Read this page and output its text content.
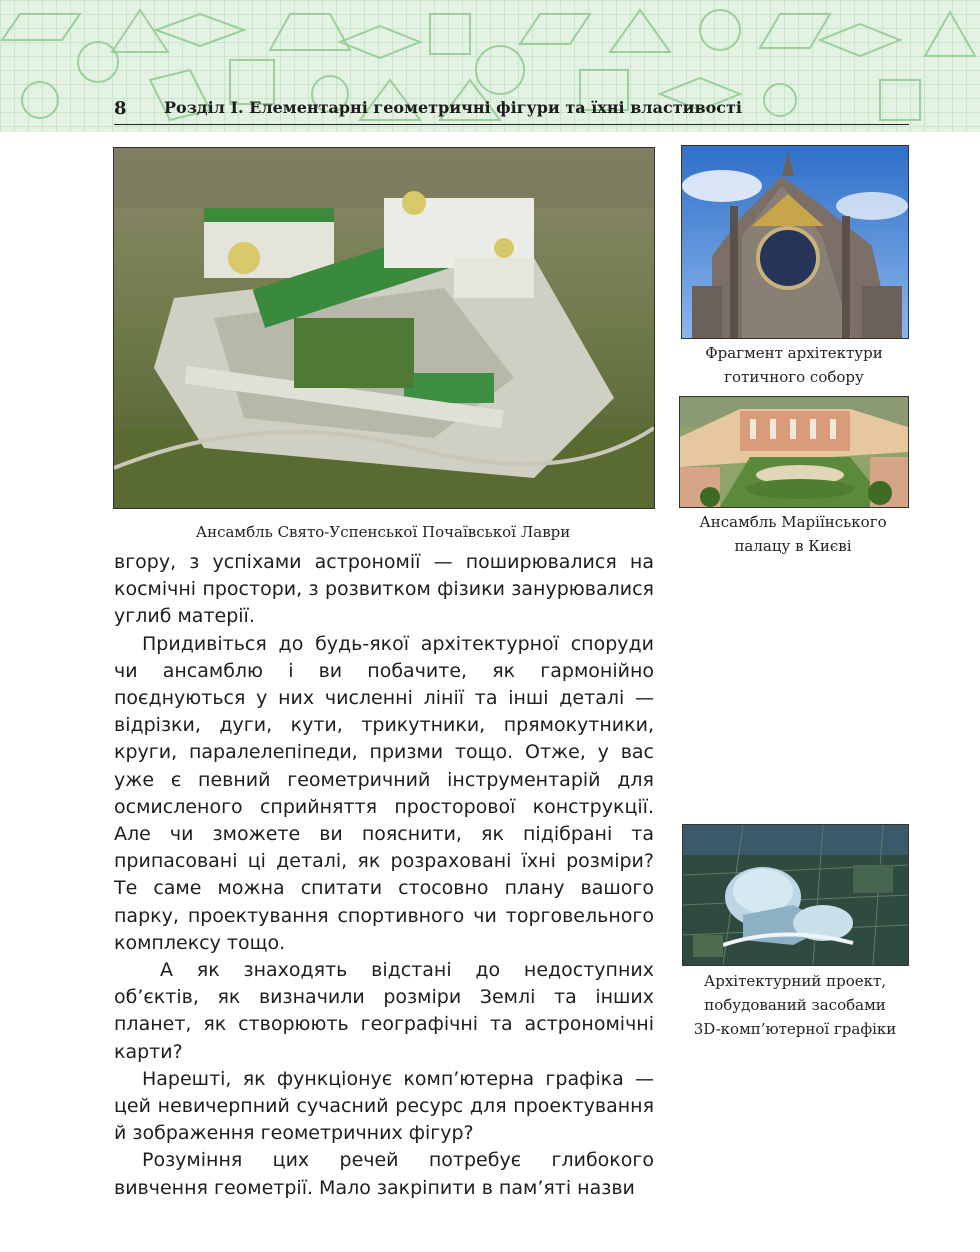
8 Розділ І. Елементарні геометричні фігури та їхні властивості
Ансамбль Свято-Успенської Почаївської Лаври
Фрагмент архітектури
готичного собору
Ансамбль Маріїнського
палацу в Києві
Архітектурний проект,
побудований засобами
3D-комп’ютерної графіки

вгору, з успіхами астрономії — поширювалися на космічні простори, з розвитком фізики занурювалися углиб матерії.

Придивіться до будь-якої архітектурної споруди чи ансамблю і ви побачите, як гармонійно поєднуються у них численні лінії та інші деталі — відрізки, дуги, кути, трикутники, прямокутники, круги, паралелепіпеди, призми тощо. Отже, у вас уже є певний геометричний інструментарій для осмисленого сприйняття просторової конструкції. Але чи зможете ви пояснити, як підібрані та припасовані ці деталі, як розраховані їхні розміри? Те саме можна спитати стосовно плану вашого парку, проектування спортивного чи торговельного комплексу тощо.

А як знаходять відстані до недоступних об’єктів, як визначили розміри Землі та інших планет, як створюють географічні та астрономічні карти?

Нарешті, як функціонує комп’ютерна графіка — цей невичерпний сучасний ресурс для проектування й зображення геометричних фігур?

Розуміння цих речей потребує глибокого вивчення геометрії. Мало закріпити в пам’яті назви
